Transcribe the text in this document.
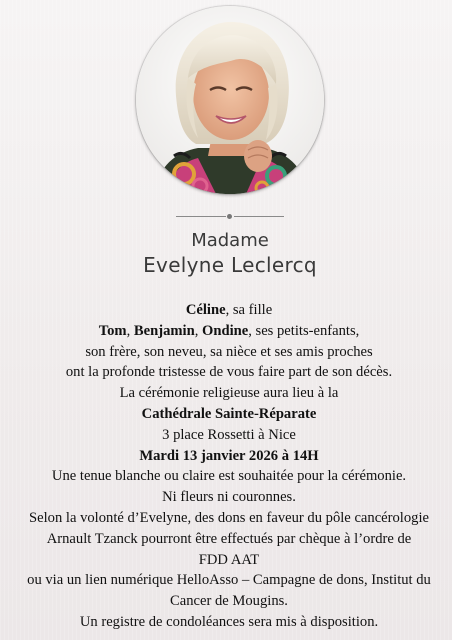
Madame
Evelyne Leclercq

Céline, sa fille

Tom, Benjamin, Ondine, ses petits-enfants,

son frère, son neveu, sa nièce et ses amis proches

ont la profonde tristesse de vous faire part de son décès.

La cérémonie religieuse aura lieu à la

Cathédrale Sainte-Réparate

3 place Rossetti à Nice

Mardi 13 janvier 2026 à 14H

Une tenue blanche ou claire est souhaitée pour la cérémonie.

Ni fleurs ni couronnes.

Selon la volonté d’Evelyne, des dons en faveur du pôle cancérologie

Arnault Tzanck pourront être effectués par chèque à l’ordre de

FDD AAT

ou via un lien numérique HelloAsso – Campagne de dons, Institut du Cancer de Mougins.

Un registre de condoléances sera mis à disposition.
